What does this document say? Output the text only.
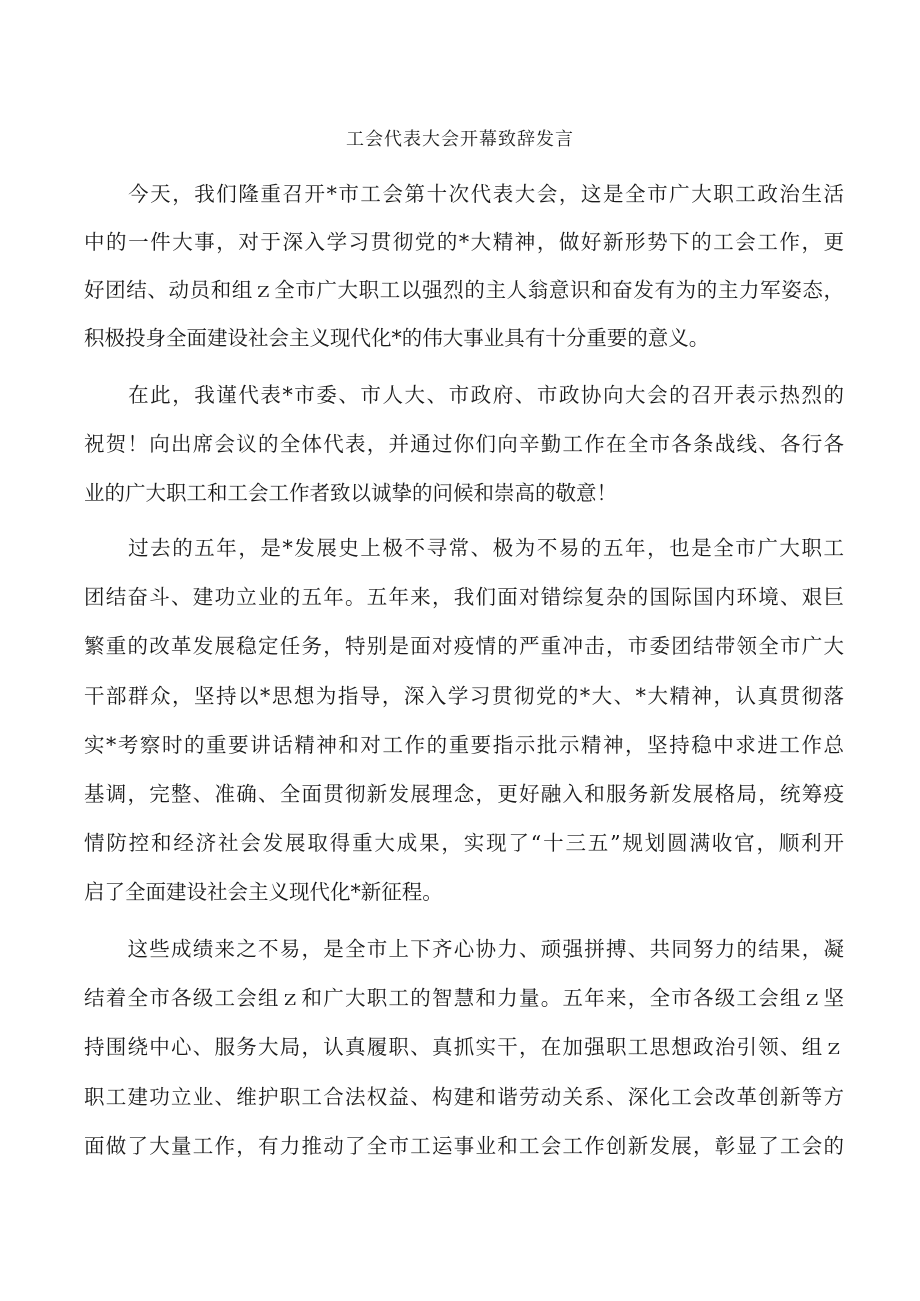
工会代表大会开幕致辞发言
　　今天，我们隆重召开*市工会第十次代表大会，这是全市广大职工政治生活
中的一件大事，对于深入学习贯彻党的*大精神，做好新形势下的工会工作，更
好团结、动员和组ｚ全市广大职工以强烈的主人翁意识和奋发有为的主力军姿态，
积极投身全面建设社会主义现代化*的伟大事业具有十分重要的意义。
　　在此，我谨代表*市委、市人大、市政府、市政协向大会的召开表示热烈的
祝贺！向出席会议的全体代表，并通过你们向辛勤工作在全市各条战线、各行各
业的广大职工和工会工作者致以诚挚的问候和崇高的敬意！
　　过去的五年，是*发展史上极不寻常、极为不易的五年，也是全市广大职工
团结奋斗、建功立业的五年。五年来，我们面对错综复杂的国际国内环境、艰巨
繁重的改革发展稳定任务，特别是面对疫情的严重冲击，市委团结带领全市广大
干部群众，坚持以*思想为指导，深入学习贯彻党的*大、*大精神，认真贯彻落
实*考察时的重要讲话精神和对工作的重要指示批示精神，坚持稳中求进工作总
基调，完整、准确、全面贯彻新发展理念，更好融入和服务新发展格局，统筹疫
情防控和经济社会发展取得重大成果，实现了“十三五”规划圆满收官，顺利开
启了全面建设社会主义现代化*新征程。
　　这些成绩来之不易，是全市上下齐心协力、顽强拼搏、共同努力的结果，凝
结着全市各级工会组ｚ和广大职工的智慧和力量。五年来，全市各级工会组ｚ坚
持围绕中心、服务大局，认真履职、真抓实干，在加强职工思想政治引领、组ｚ
职工建功立业、维护职工合法权益、构建和谐劳动关系、深化工会改革创新等方
面做了大量工作，有力推动了全市工运事业和工会工作创新发展，彰显了工会的
